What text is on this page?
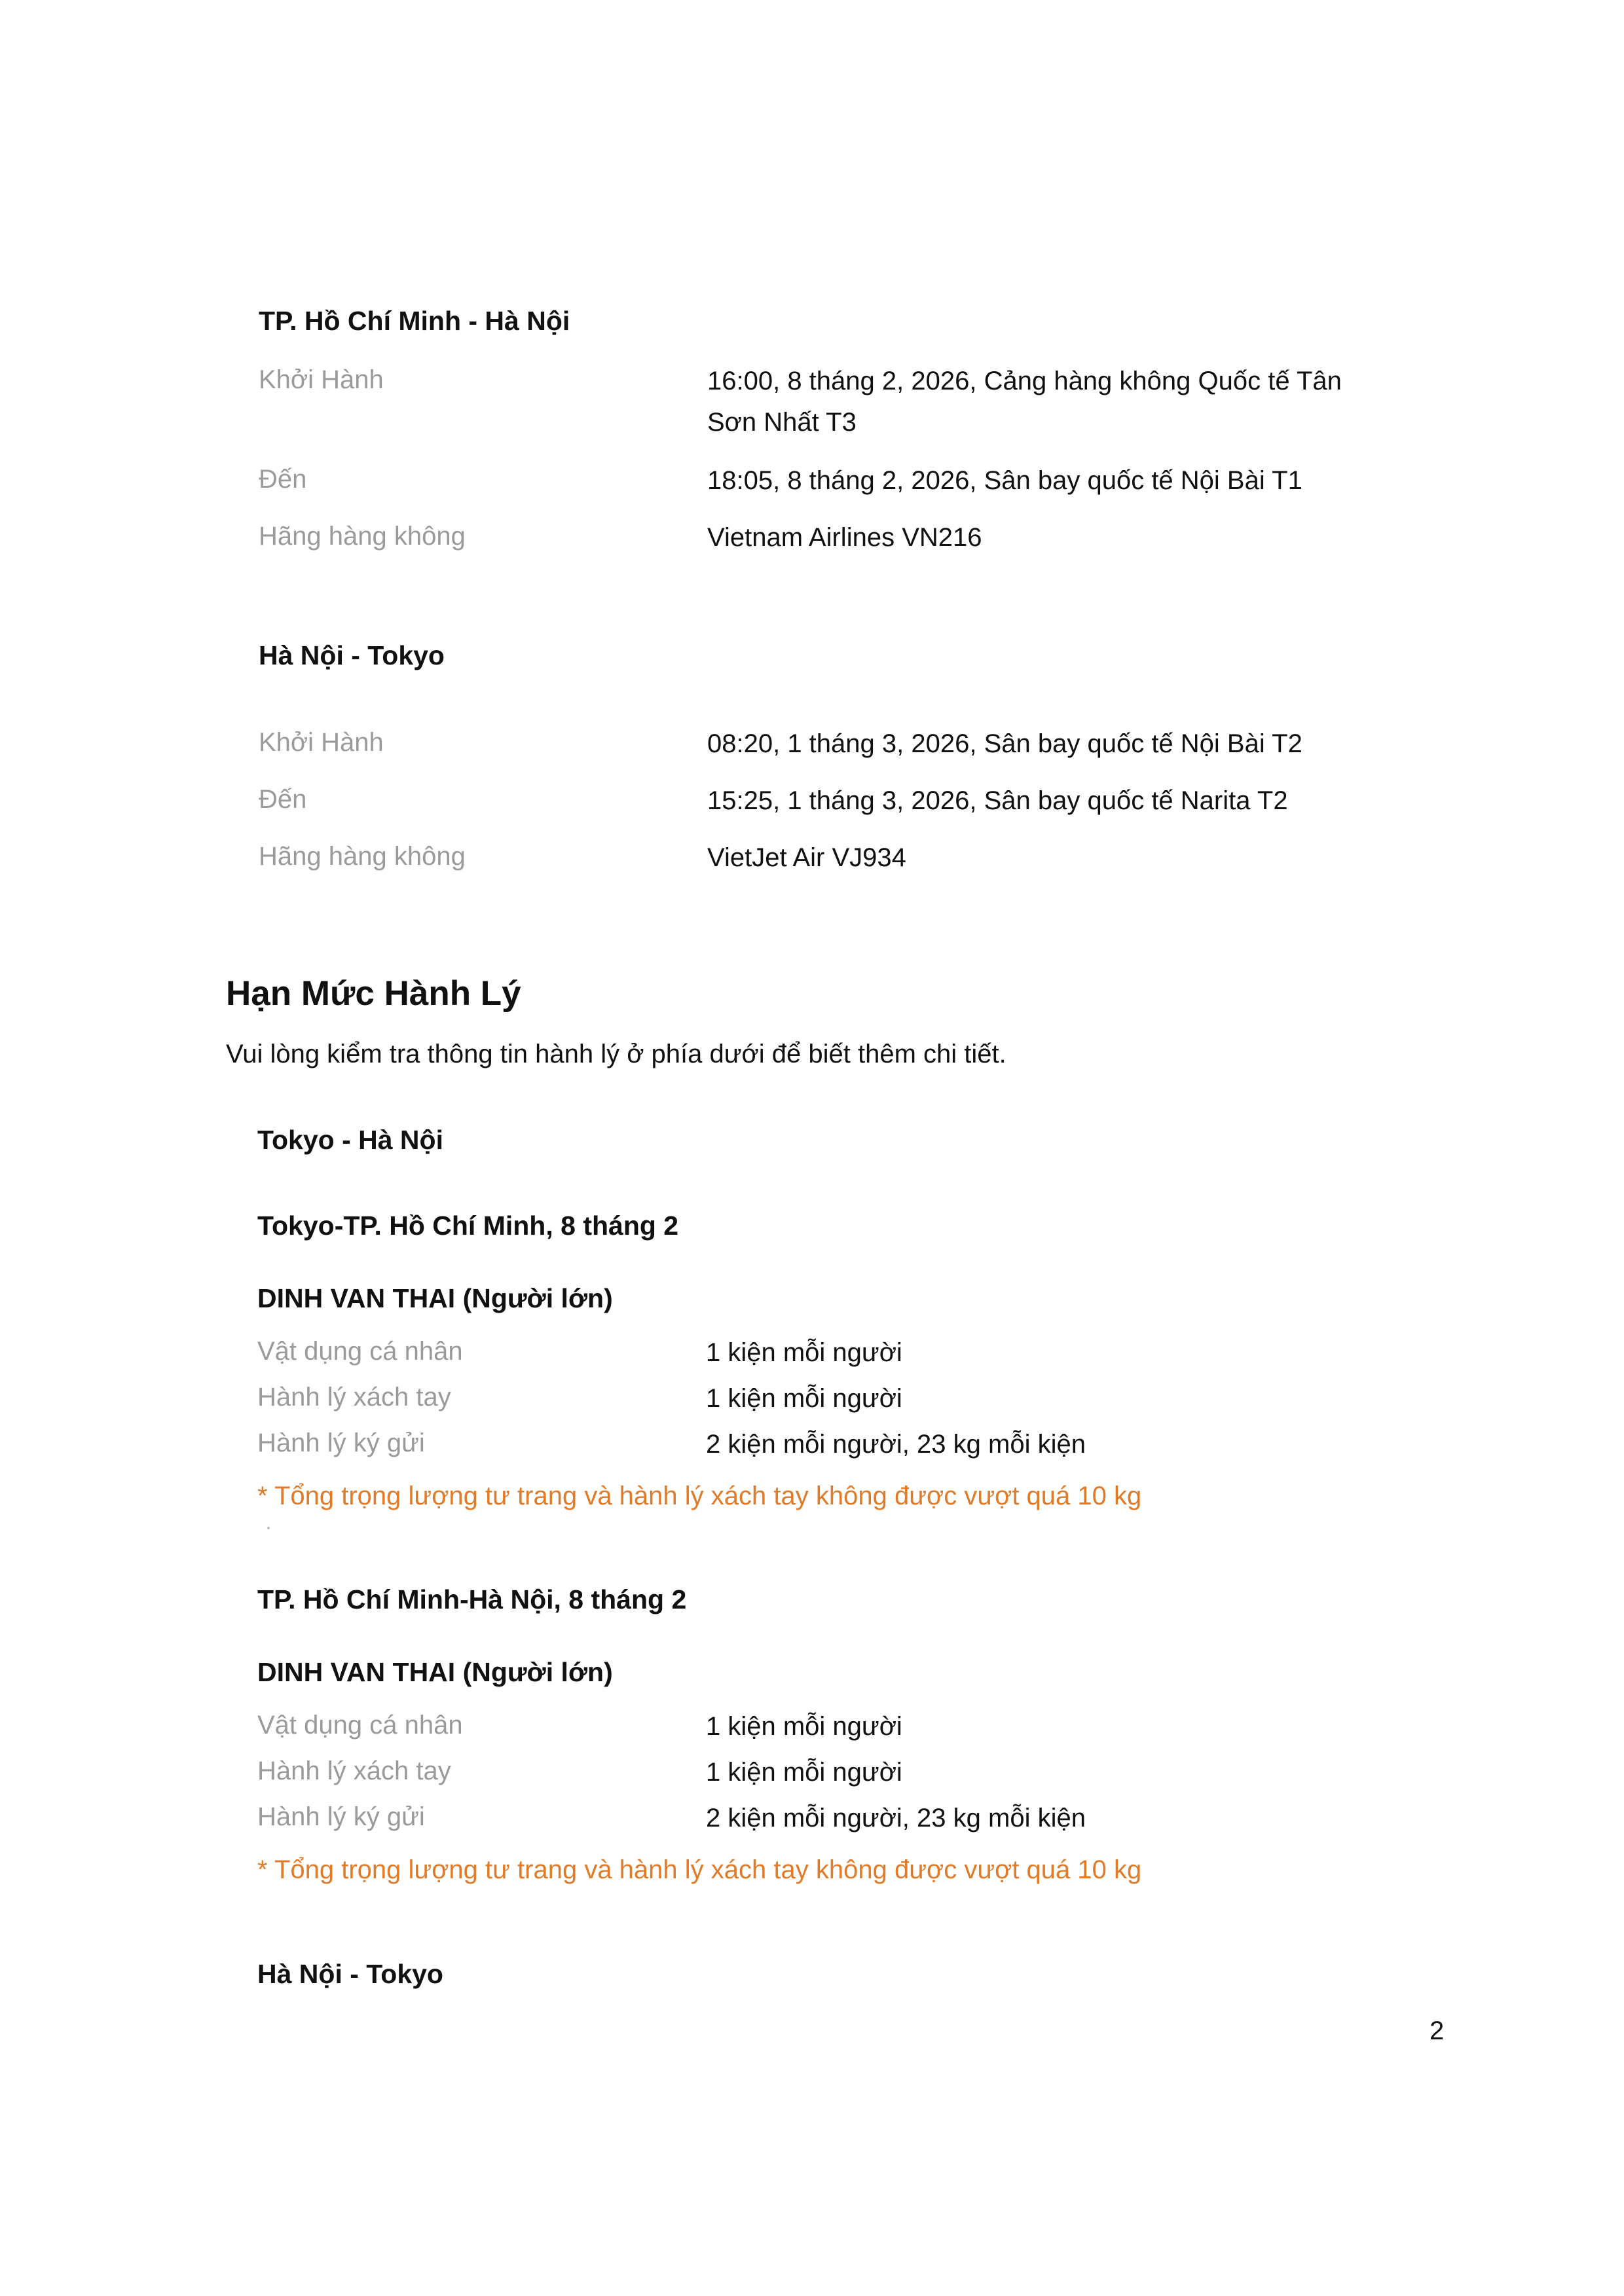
TP. Hồ Chí Minh - Hà Nội
Khởi Hành	16:00, 8 tháng 2, 2026, Cảng hàng không Quốc tế Tân Sơn Nhất T3
Đến	18:05, 8 tháng 2, 2026, Sân bay quốc tế Nội Bài T1
Hãng hàng không	Vietnam Airlines VN216
Hà Nội - Tokyo
Khởi Hành	08:20, 1 tháng 3, 2026, Sân bay quốc tế Nội Bài T2
Đến	15:25, 1 tháng 3, 2026, Sân bay quốc tế Narita T2
Hãng hàng không	VietJet Air VJ934
Hạn Mức Hành Lý
Vui lòng kiểm tra thông tin hành lý ở phía dưới để biết thêm chi tiết.
Tokyo - Hà Nội
Tokyo-TP. Hồ Chí Minh, 8 tháng 2
DINH VAN THAI (Người lớn)
Vật dụng cá nhân	1 kiện mỗi người
Hành lý xách tay	1 kiện mỗi người
Hành lý ký gửi	2 kiện mỗi người, 23 kg mỗi kiện
* Tổng trọng lượng tư trang và hành lý xách tay không được vượt quá 10 kg
TP. Hồ Chí Minh-Hà Nội, 8 tháng 2
DINH VAN THAI (Người lớn)
Vật dụng cá nhân	1 kiện mỗi người
Hành lý xách tay	1 kiện mỗi người
Hành lý ký gửi	2 kiện mỗi người, 23 kg mỗi kiện
* Tổng trọng lượng tư trang và hành lý xách tay không được vượt quá 10 kg
Hà Nội - Tokyo
2
